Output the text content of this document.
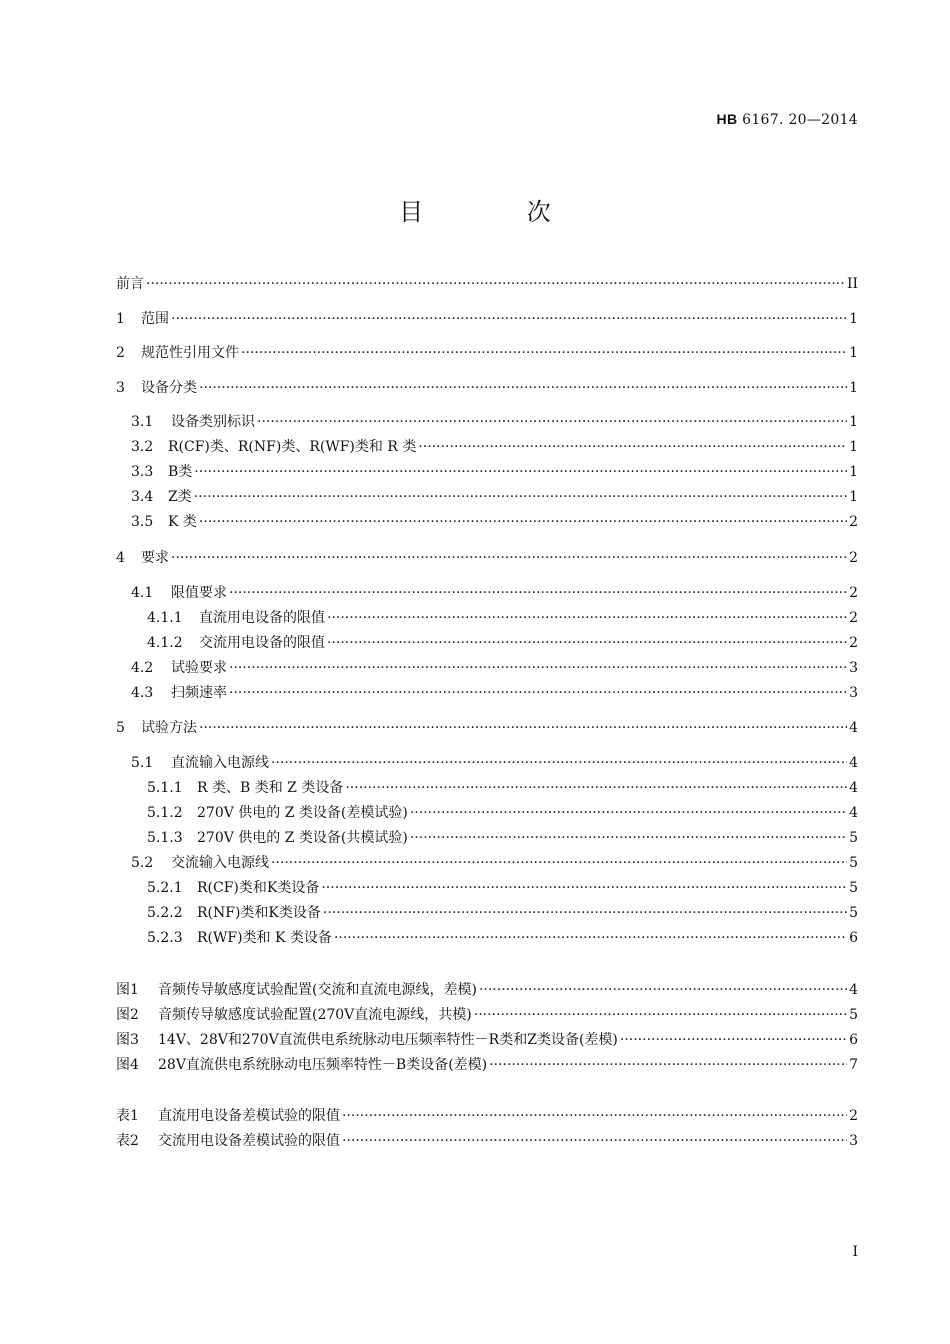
HB 6167. 20—2014
目 次
前言 ·····	II
1	范围 ·····	1
2	规范性引用文件 ·····	1
3	设备分类 ·····	1
3.1	设备类别标识 ·····	1
3.2	R(CF)类、R(NF)类、R(WF)类和 R 类 ·····	1
3.3	B类 ·····	1
3.4	Z类 ·····	1
3.5	K 类 ·····	2
4	要求 ·····	2
4.1	限值要求 ·····	2
4.1.1	直流用电设备的限值 ·····	2
4.1.2	交流用电设备的限值 ·····	2
4.2	试验要求 ·····	3
4.3	扫频速率 ·····	3
5	试验方法 ·····	4
5.1	直流输入电源线 ·····	4
5.1.1	R 类、B 类和 Z 类设备 ·····	4
5.1.2	270V 供电的 Z 类设备(差模试验) ·····	4
5.1.3	270V 供电的 Z 类设备(共模试验) ·····	5
5.2	交流输入电源线 ·····	5
5.2.1	R(CF)类和K类设备 ·····	5
5.2.2	R(NF)类和K类设备 ·····	5
5.2.3	R(WF)类和 K 类设备 ·····	6
图1	音频传导敏感度试验配置(交流和直流电源线，差模) ·····	4
图2	音频传导敏感度试验配置(270V直流电源线，共模) ·····	5
图3	14V、28V和270V直流供电系统脉动电压频率特性－R类和Z类设备(差模) ·····	6
图4	28V直流供电系统脉动电压频率特性－B类设备(差模) ·····	7
表1	直流用电设备差模试验的限值 ·····	2
表2	交流用电设备差模试验的限值 ·····	3
I
